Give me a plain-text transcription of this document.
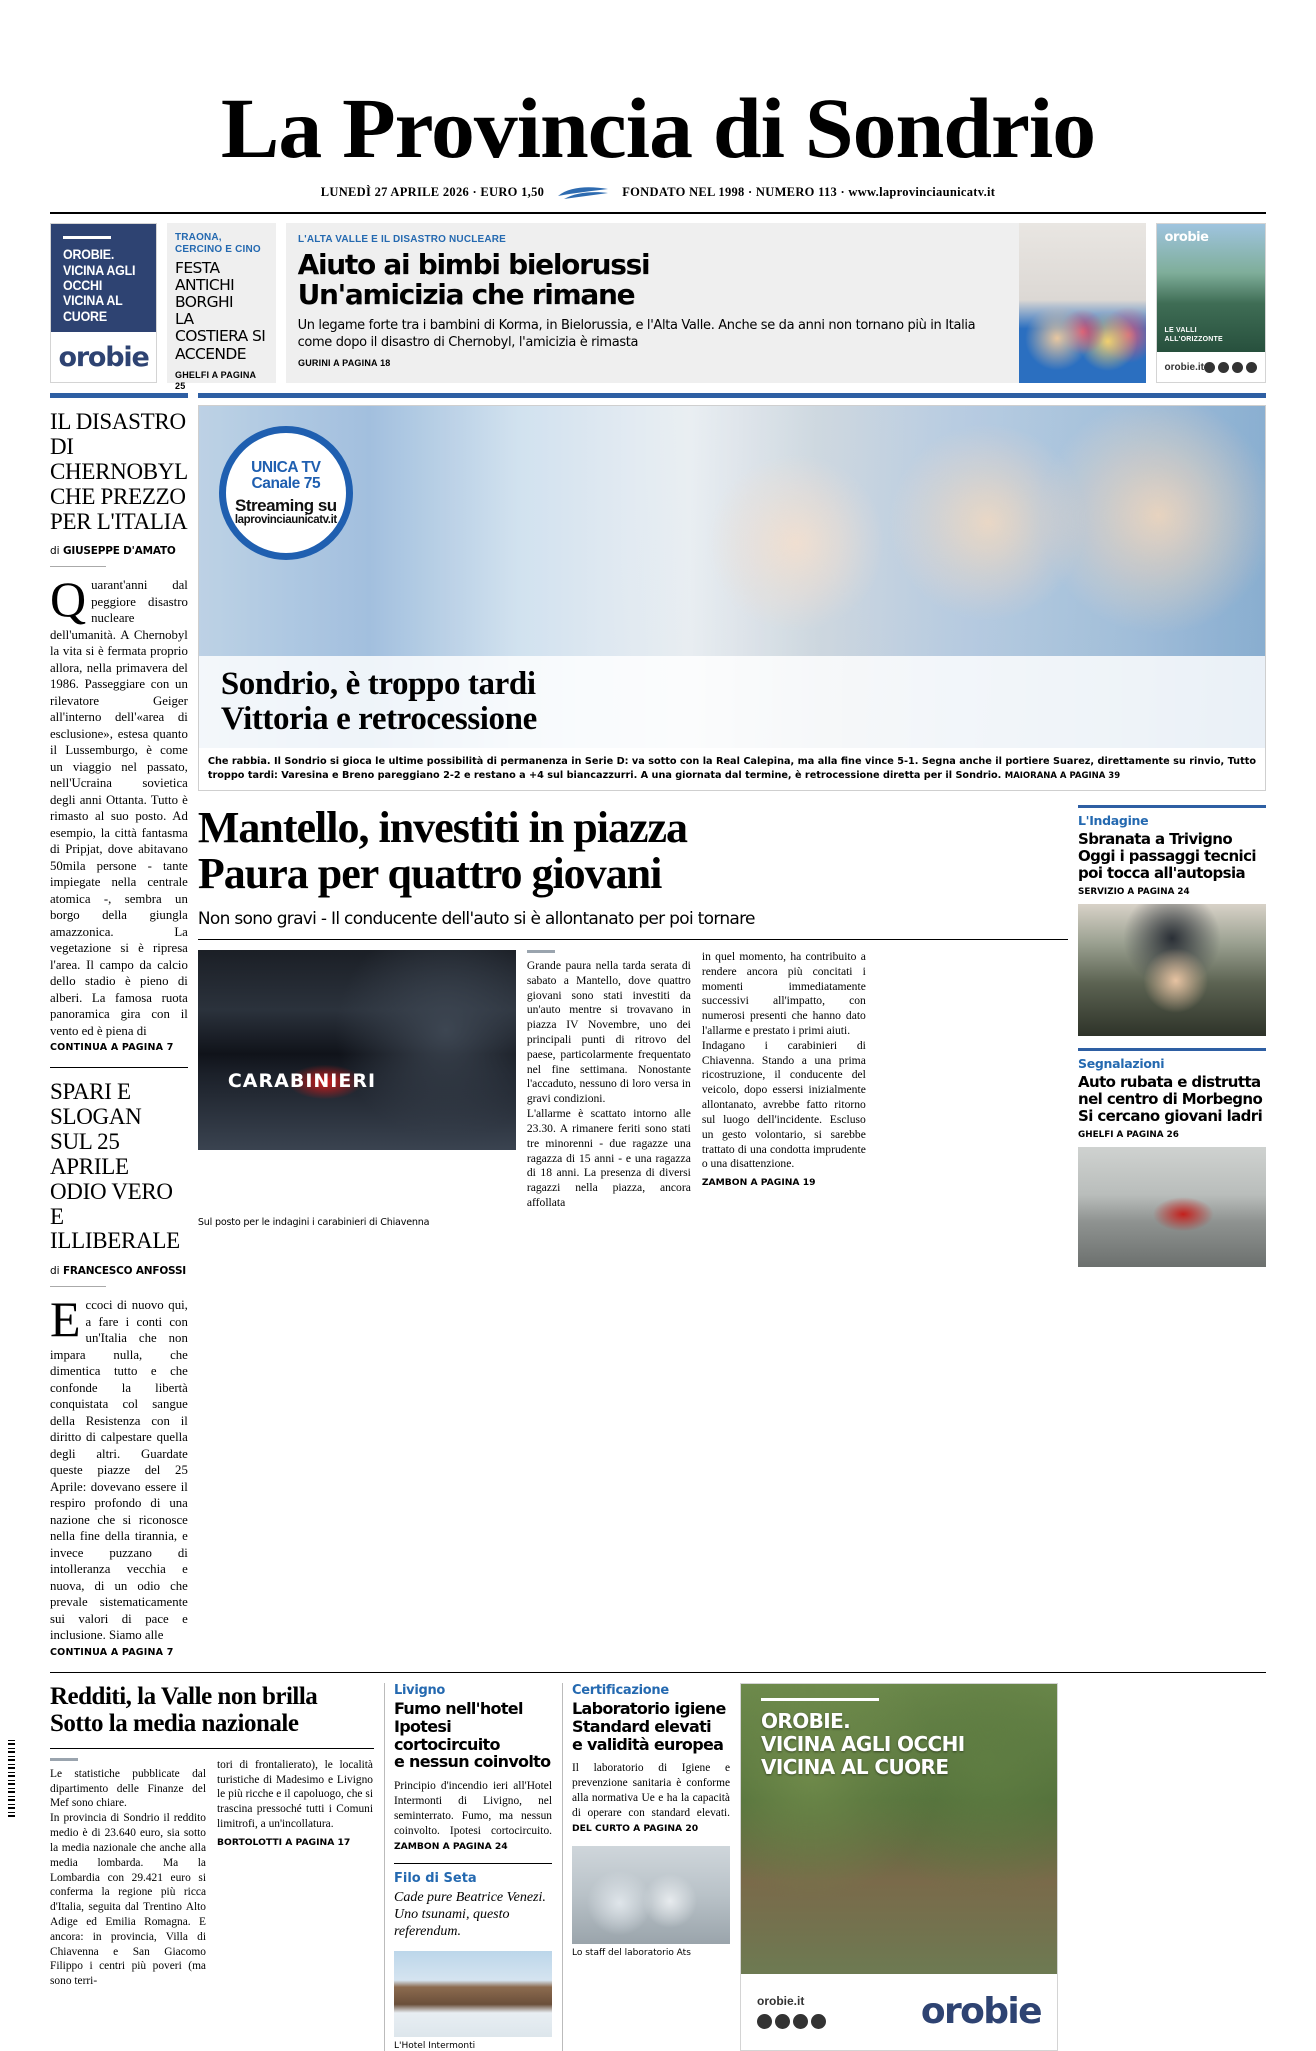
La Provincia di Sondrio
LUNEDÌ 27 APRILE 2026 · EURO 1,50	FONDATO NEL 1998 · NUMERO 113 · www.laprovinciaunicatv.it
OROBIE.
VICINA AGLI OCCHI
VICINA AL CUORE
orobie
TRAONA, CERCINO E CINO
FESTA ANTICHI BORGHI
LA COSTIERA SI ACCENDE
GHELFI A PAGINA 25
L'ALTA VALLE E IL DISASTRO NUCLEARE
Aiuto ai bimbi bielorussi
Un'amicizia che rimane
Un legame forte tra i bambini di Korma, in Bielorussia, e l'Alta Valle. Anche se da anni non tornano più in Italia come dopo il disastro di Chernobyl, l'amicizia è rimasta
GURINI A PAGINA 18
orobie
LE VALLI
ALL'ORIZZONTE
orobie.it
IL DISASTRO
DI CHERNOBYL
CHE PREZZO
PER L'ITALIA
di GIUSEPPE D'AMATO
Quarant'anni dal peggiore disastro nucleare dell'umanità. A Chernobyl la vita si è fermata proprio allora, nella primavera del 1986. Passeggiare con un rilevatore Geiger all'interno dell'«area di esclusione», estesa quanto il Lussemburgo, è come un viaggio nel passato, nell'Ucraina sovietica degli anni Ottanta. Tutto è rimasto al suo posto. Ad esempio, la città fantasma di Pripjat, dove abitavano 50mila persone - tante impiegate nella centrale atomica -, sembra un borgo della giungla amazzonica. La vegetazione si è ripresa l'area. Il campo da calcio dello stadio è pieno di alberi. La famosa ruota panoramica gira con il vento ed è piena di
CONTINUA A PAGINA 7
SPARI E SLOGAN
SUL 25 APRILE
ODIO VERO
E ILLIBERALE
di FRANCESCO ANFOSSI
Eccoci di nuovo qui, a fare i conti con un'Italia che non impara nulla, che dimentica tutto e che confonde la libertà conquistata col sangue della Resistenza con il diritto di calpestare quella degli altri. Guardate queste piazze del 25 Aprile: dovevano essere il respiro profondo di una nazione che si riconosce nella fine della tirannia, e invece puzzano di intolleranza vecchia e nuova, di un odio che prevale sistematicamente sui valori di pace e inclusione. Siamo alle
CONTINUA A PAGINA 7
UNICA TV
Canale 75
Streaming su
laprovinciaunicatv.it
Sondrio, è troppo tardi
Vittoria e retrocessione
Che rabbia. Il Sondrio si gioca le ultime possibilità di permanenza in Serie D: va sotto con la Real Calepina, ma alla fine vince 5-1. Segna anche il portiere Suarez, direttamente su rinvio, Tutto troppo tardi: Varesina e Breno pareggiano 2-2 e restano a +4 sul biancazzurri. A una giornata dal termine, è retrocessione diretta per il Sondrio. MAIORANA A PAGINA 39
Mantello, investiti in piazza
Paura per quattro giovani
Non sono gravi - Il conducente dell'auto si è allontanato per poi tornare
CARABINIERI
Grande paura nella tarda serata di sabato a Mantello, dove quattro giovani sono stati investiti da un'auto mentre si trovavano in piazza IV Novembre, uno dei principali punti di ritrovo del paese, particolarmente frequentato nel fine settimana. Nonostante l'accaduto, nessuno di loro versa in gravi condizioni.
L'allarme è scattato intorno alle 23.30. A rimanere feriti sono stati tre minorenni - due ragazze una ragazza di 15 anni - e una ragazza di 18 anni. La presenza di diversi ragazzi nella piazza, ancora affollata
in quel momento, ha contribuito a rendere ancora più concitati i momenti immediatamente successivi all'impatto, con numerosi presenti che hanno dato l'allarme e prestato i primi aiuti.
Indagano i carabinieri di Chiavenna. Stando a una prima ricostruzione, il conducente del veicolo, dopo essersi inizialmente allontanato, avrebbe fatto ritorno sul luogo dell'incidente. Escluso un gesto volontario, si sarebbe trattato di una condotta imprudente o una disattenzione.
ZAMBON A PAGINA 19
Sul posto per le indagini i carabinieri di Chiavenna
L'Indagine
Sbranata a Trivigno
Oggi i passaggi tecnici
poi tocca all'autopsia
SERVIZIO A PAGINA 24
Segnalazioni
Auto rubata e distrutta
nel centro di Morbegno
Si cercano giovani ladri
GHELFI A PAGINA 26
Redditi, la Valle non brilla
Sotto la media nazionale
Le statistiche pubblicate dal dipartimento delle Finanze del Mef sono chiare.
In provincia di Sondrio il reddito medio è di 23.640 euro, sia sotto la media nazionale che anche alla media lombarda. Ma la Lombardia con 29.421 euro si conferma la regione più ricca d'Italia, seguita dal Trentino Alto Adige ed Emilia Romagna. E ancora: in provincia, Villa di Chiavenna e San Giacomo Filippo i centri più poveri (ma sono terri-
tori di frontalierato), le località turistiche di Madesimo e Livigno le più ricche e il capoluogo, che si trascina pressoché tutti i Comuni limitrofi, a un'incollatura.
BORTOLOTTI A PAGINA 17
Livigno
Fumo nell'hotel
Ipotesi cortocircuito
e nessun coinvolto
Principio d'incendio ieri all'Hotel Intermonti di Livigno, nel seminterrato. Fumo, ma nessun coinvolto. Ipotesi cortocircuito. ZAMBON A PAGINA 24
Filo di Seta
Cade pure Beatrice Venezi. Uno tsunami, questo referendum.
L'Hotel Intermonti
Certificazione
Laboratorio igiene
Standard elevati
e validità europea
Il laboratorio di Igiene e prevenzione sanitaria è conforme alla normativa Ue e ha la capacità di operare con standard elevati. DEL CURTO A PAGINA 20
Lo staff del laboratorio Ats
OROBIE.
VICINA AGLI OCCHI
VICINA AL CUORE
orobie.it	orobie
